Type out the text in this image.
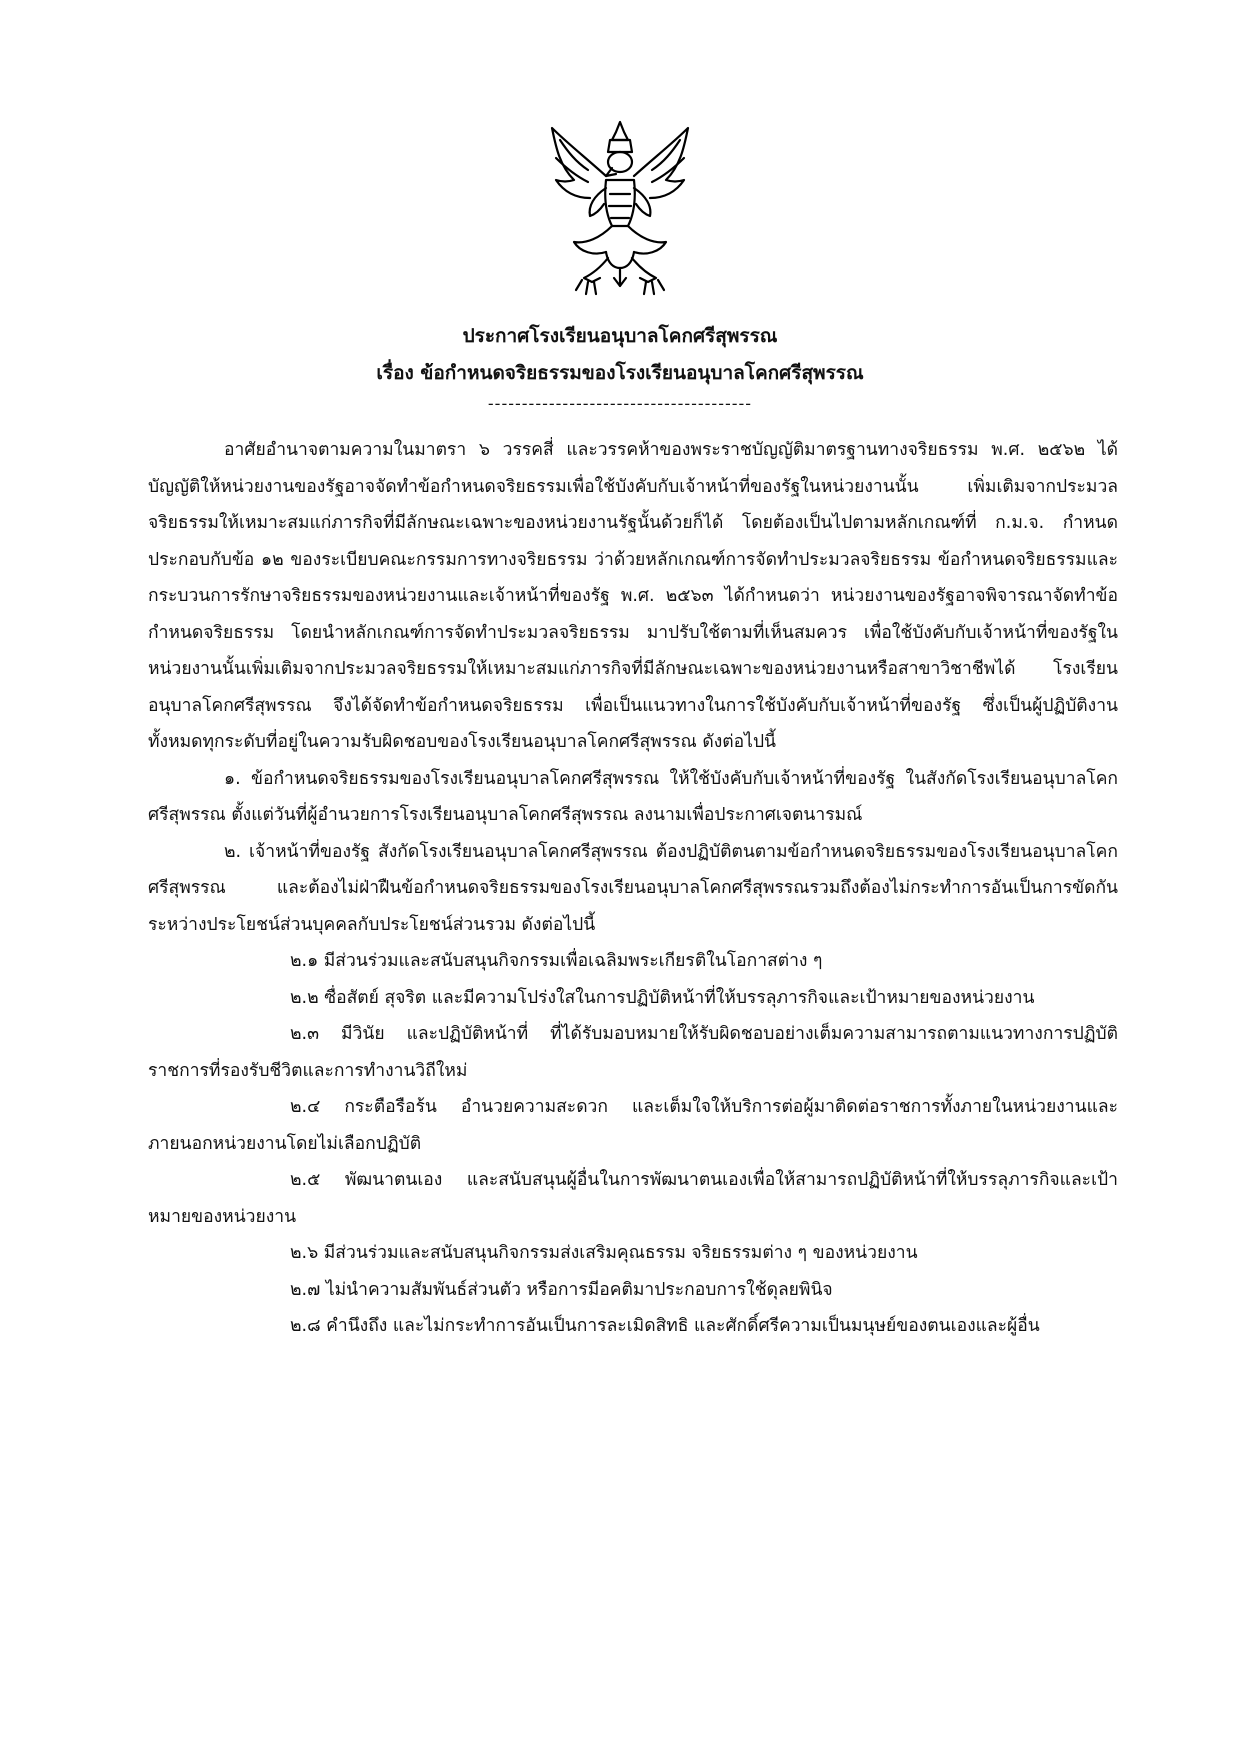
ประกาศโรงเรียนอนุบาลโคกศรีสุพรรณ
เรื่อง ข้อกำหนดจริยธรรมของโรงเรียนอนุบาลโคกศรีสุพรรณ
---------------------------------------

อาศัยอำนาจตามความในมาตรา ๖ วรรคสี่ และวรรคห้าของพระราชบัญญัติมาตรฐานทางจริยธรรม พ.ศ. ๒๕๖๒ ได้บัญญัติให้หน่วยงานของรัฐอาจจัดทำข้อกำหนดจริยธรรมเพื่อใช้บังคับกับเจ้าหน้าที่ของรัฐในหน่วยงานนั้น เพิ่มเติมจากประมวลจริยธรรมให้เหมาะสมแก่ภารกิจที่มีลักษณะเฉพาะของหน่วยงานรัฐนั้นด้วยก็ได้ โดยต้องเป็นไปตามหลักเกณฑ์ที่ ก.ม.จ. กำหนด ประกอบกับข้อ ๑๒ ของระเบียบคณะกรรมการทางจริยธรรม ว่าด้วยหลักเกณฑ์การจัดทำประมวลจริยธรรม ข้อกำหนดจริยธรรมและกระบวนการรักษาจริยธรรมของหน่วยงานและเจ้าหน้าที่ของรัฐ พ.ศ. ๒๕๖๓ ได้กำหนดว่า หน่วยงานของรัฐอาจพิจารณาจัดทำข้อกำหนดจริยธรรม โดยนำหลักเกณฑ์การจัดทำประมวลจริยธรรม มาปรับใช้ตามที่เห็นสมควร เพื่อใช้บังคับกับเจ้าหน้าที่ของรัฐในหน่วยงานนั้นเพิ่มเติมจากประมวลจริยธรรมให้เหมาะสมแก่ภารกิจที่มีลักษณะเฉพาะของหน่วยงานหรือสาขาวิชาชีพได้ โรงเรียนอนุบาลโคกศรีสุพรรณ จึงได้จัดทำข้อกำหนดจริยธรรม เพื่อเป็นแนวทางในการใช้บังคับกับเจ้าหน้าที่ของรัฐ ซึ่งเป็นผู้ปฏิบัติงานทั้งหมดทุกระดับที่อยู่ในความรับผิดชอบของโรงเรียนอนุบาลโคกศรีสุพรรณ ดังต่อไปนี้

๑. ข้อกำหนดจริยธรรมของโรงเรียนอนุบาลโคกศรีสุพรรณ ให้ใช้บังคับกับเจ้าหน้าที่ของรัฐ ในสังกัดโรงเรียนอนุบาลโคกศรีสุพรรณ ตั้งแต่วันที่ผู้อำนวยการโรงเรียนอนุบาลโคกศรีสุพรรณ ลงนามเพื่อประกาศเจตนารมณ์

๒. เจ้าหน้าที่ของรัฐ สังกัดโรงเรียนอนุบาลโคกศรีสุพรรณ ต้องปฏิบัติตนตามข้อกำหนดจริยธรรมของโรงเรียนอนุบาลโคกศรีสุพรรณ และต้องไม่ฝ่าฝืนข้อกำหนดจริยธรรมของโรงเรียนอนุบาลโคกศรีสุพรรณรวมถึงต้องไม่กระทำการอันเป็นการขัดกันระหว่างประโยชน์ส่วนบุคคลกับประโยชน์ส่วนรวม ดังต่อไปนี้

๒.๑ มีส่วนร่วมและสนับสนุนกิจกรรมเพื่อเฉลิมพระเกียรติในโอกาสต่าง ๆ

๒.๒ ซื่อสัตย์ สุจริต และมีความโปร่งใสในการปฏิบัติหน้าที่ให้บรรลุภารกิจและเป้าหมายของหน่วยงาน

๒.๓ มีวินัย และปฏิบัติหน้าที่ ที่ได้รับมอบหมายให้รับผิดชอบอย่างเต็มความสามารถตามแนวทางการปฏิบัติราชการที่รองรับชีวิตและการทำงานวิถีใหม่

๒.๔ กระตือรือร้น อำนวยความสะดวก และเต็มใจให้บริการต่อผู้มาติดต่อราชการทั้งภายในหน่วยงานและภายนอกหน่วยงานโดยไม่เลือกปฏิบัติ

๒.๕ พัฒนาตนเอง และสนับสนุนผู้อื่นในการพัฒนาตนเองเพื่อให้สามารถปฏิบัติหน้าที่ให้บรรลุภารกิจและเป้าหมายของหน่วยงาน

๒.๖ มีส่วนร่วมและสนับสนุนกิจกรรมส่งเสริมคุณธรรม จริยธรรมต่าง ๆ ของหน่วยงาน

๒.๗ ไม่นำความสัมพันธ์ส่วนตัว หรือการมีอคติมาประกอบการใช้ดุลยพินิจ

๒.๘ คำนึงถึง และไม่กระทำการอันเป็นการละเมิดสิทธิ และศักดิ์ศรีความเป็นมนุษย์ของตนเองและผู้อื่น
